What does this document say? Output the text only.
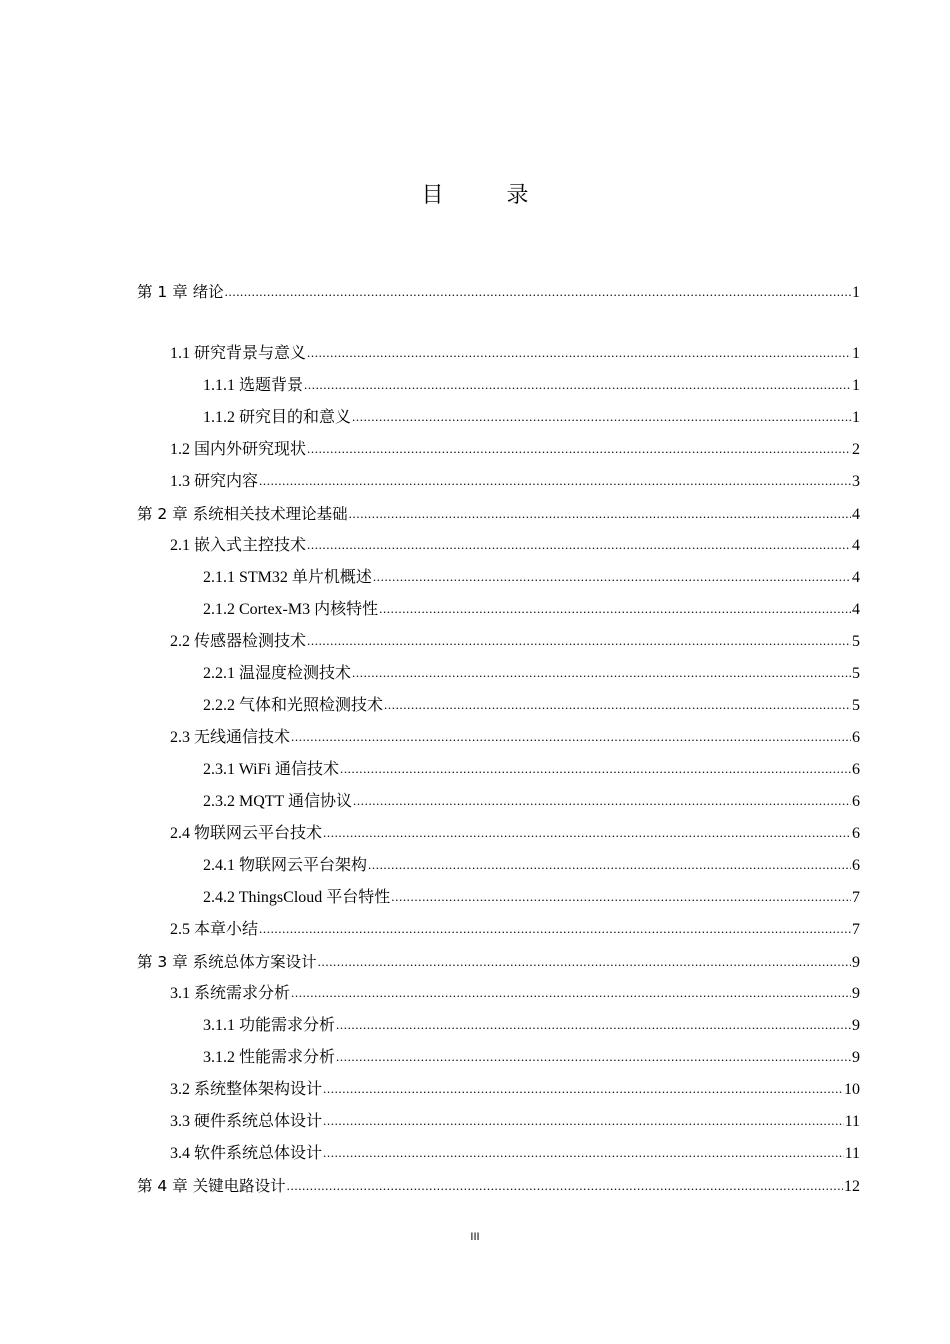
目 录
第 1 章 绪论 .....	1
1.1 研究背景与意义 .....	1
1.1.1 选题背景 .....	1
1.1.2 研究目的和意义 .....	1
1.2 国内外研究现状 .....	2
1.3 研究内容 .....	3
第 2 章 系统相关技术理论基础 .....	4
2.1 嵌入式主控技术 .....	4
2.1.1 STM32 单片机概述 .....	4
2.1.2 Cortex-M3 内核特性 .....	4
2.2 传感器检测技术 .....	5
2.2.1 温湿度检测技术 .....	5
2.2.2 气体和光照检测技术 .....	5
2.3 无线通信技术 .....	6
2.3.1 WiFi 通信技术 .....	6
2.3.2 MQTT 通信协议 .....	6
2.4 物联网云平台技术 .....	6
2.4.1 物联网云平台架构 .....	6
2.4.2 ThingsCloud 平台特性 .....	7
2.5 本章小结 .....	7
第 3 章 系统总体方案设计 .....	9
3.1 系统需求分析 .....	9
3.1.1 功能需求分析 .....	9
3.1.2 性能需求分析 .....	9
3.2 系统整体架构设计 .....	10
3.3 硬件系统总体设计 .....	11
3.4 软件系统总体设计 .....	11
第 4 章 关键电路设计 .....	12
III
